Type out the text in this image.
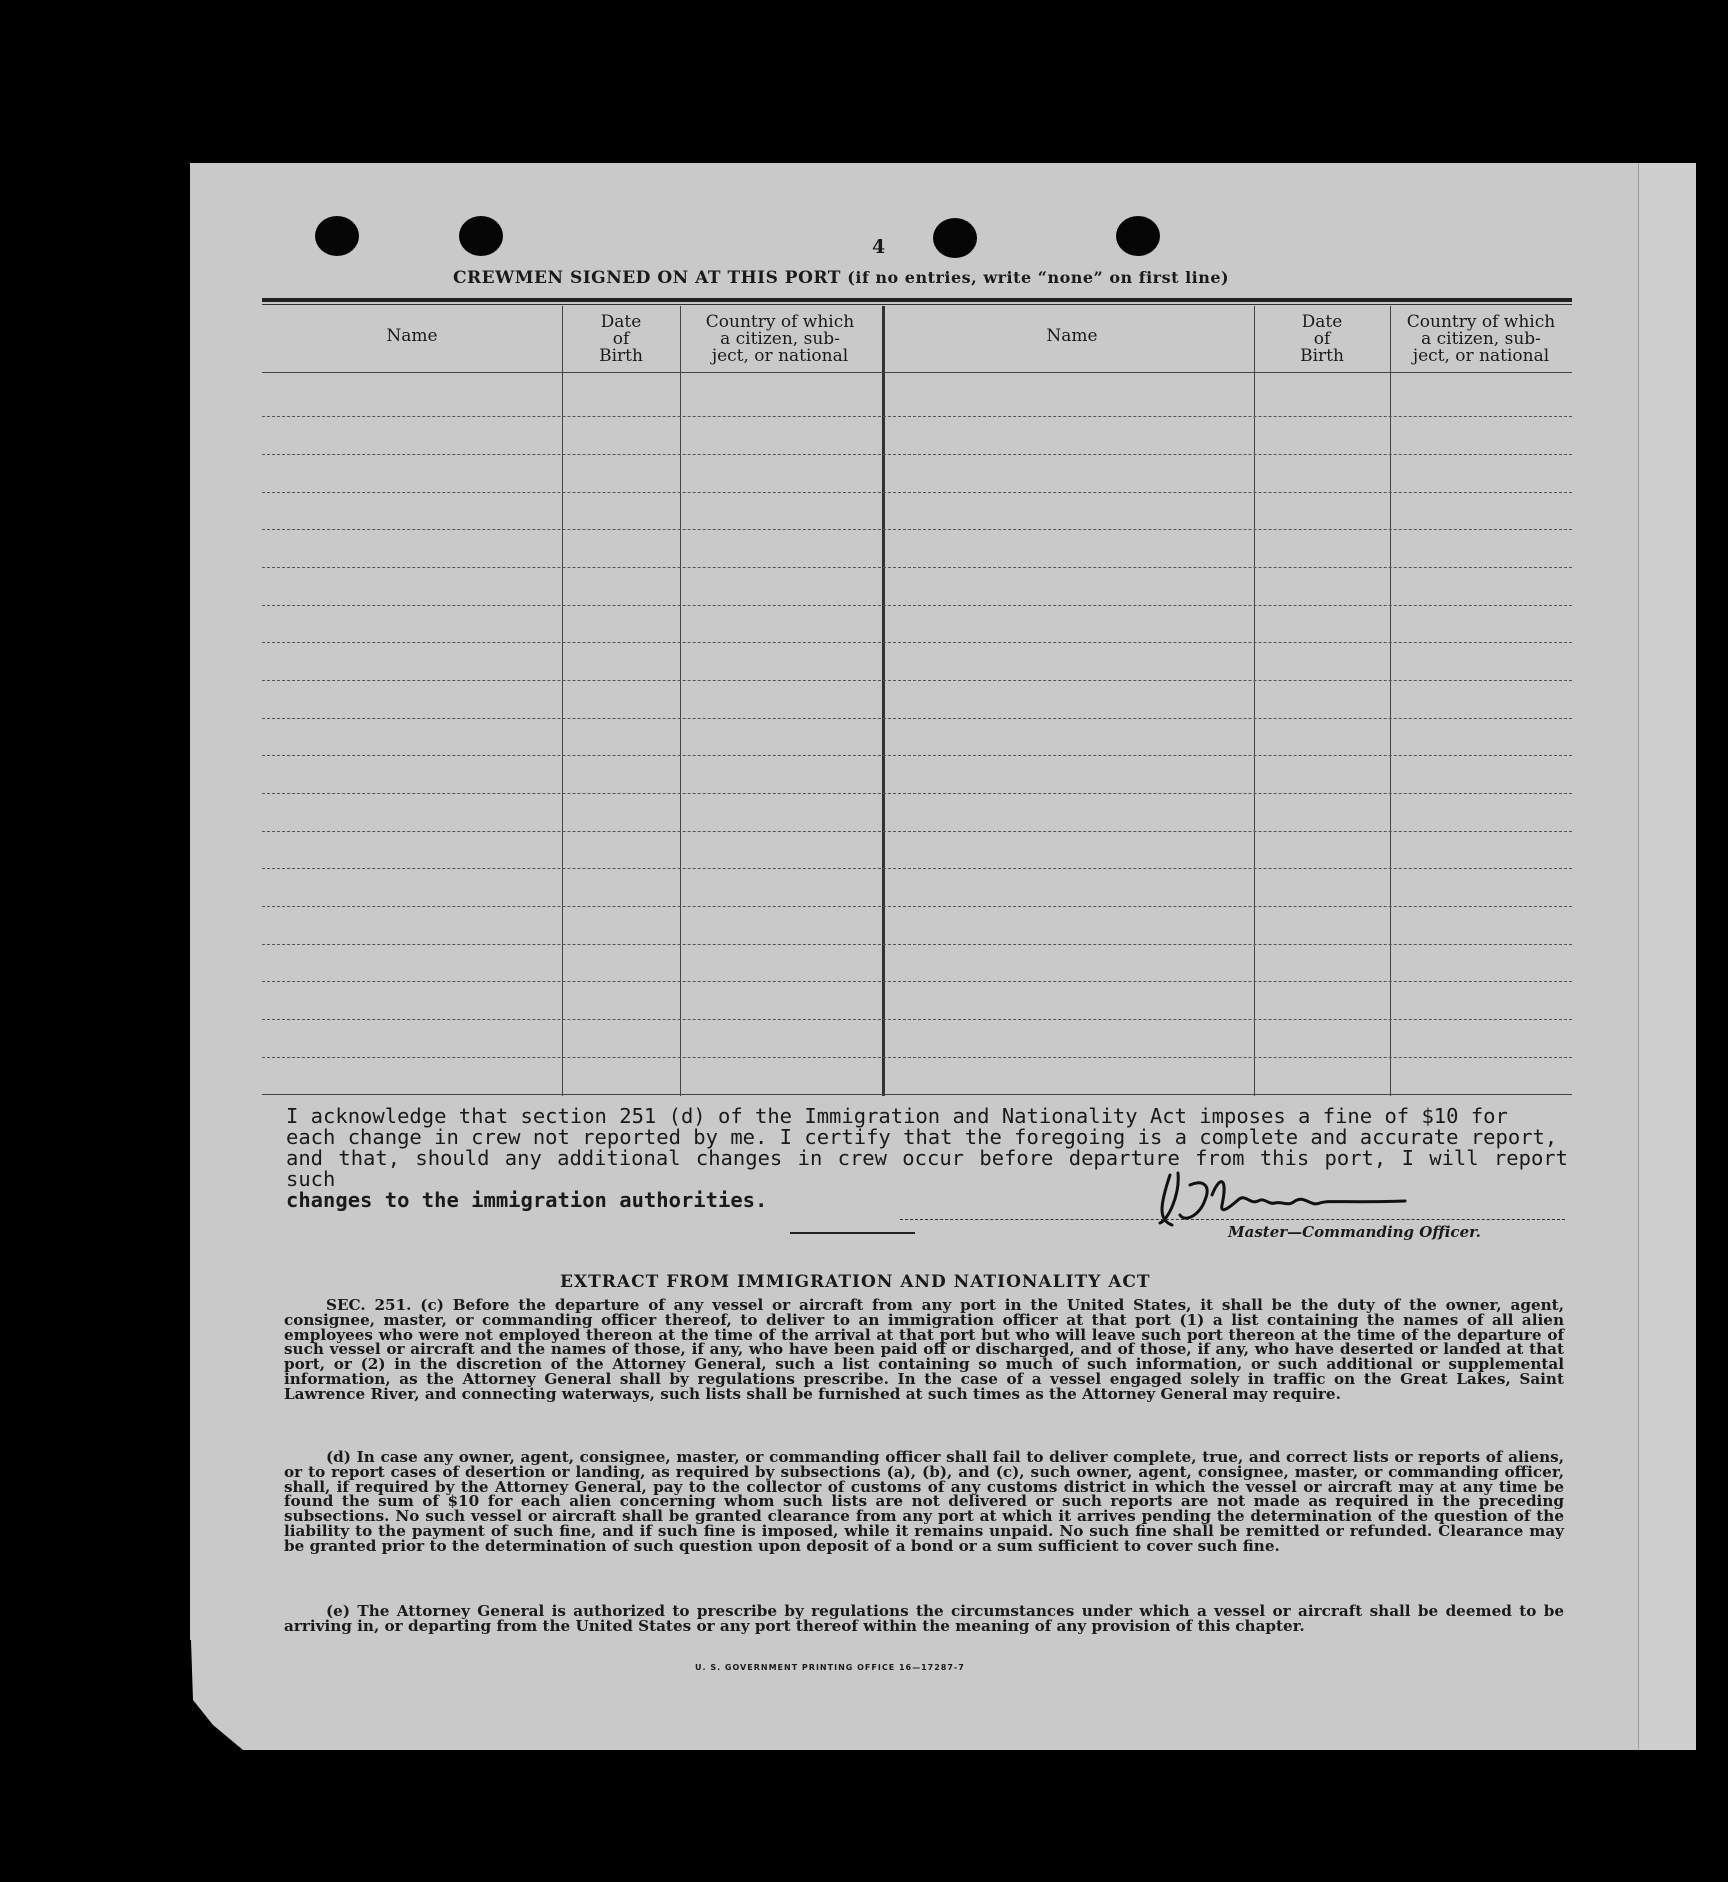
4
CREWMEN SIGNED ON AT THIS PORT (if no entries, write “none” on first line)
Name
Date
of
Birth
Country of which
a citizen, sub-
ject, or national
Name
Date
of
Birth
Country of which
a citizen, sub-
ject, or national
I acknowledge that section 251 (d) of the Immigration and Nationality Act imposes a fine of $10 for
each change in crew not reported by me. I certify that the foregoing is a complete and accurate report,
and that, should any additional changes in crew occur before departure from this port, I will report such
changes to the immigration authorities.
Master—Commanding Officer.
EXTRACT FROM IMMIGRATION AND NATIONALITY ACT
SEC. 251. (c) Before the departure of any vessel or aircraft from any port in the United States, it shall be the duty of the owner, agent, consignee, master, or commanding officer thereof, to deliver to an immigration officer at that port (1) a list containing the names of all alien employees who were not employed thereon at the time of the arrival at that port but who will leave such port thereon at the time of the departure of such vessel or aircraft and the names of those, if any, who have been paid off or discharged, and of those, if any, who have deserted or landed at that port, or (2) in the discretion of the Attorney General, such a list containing so much of such information, or such additional or supplemental information, as the Attorney General shall by regulations prescribe. In the case of a vessel engaged solely in traffic on the Great Lakes, Saint Lawrence River, and connecting waterways, such lists shall be furnished at such times as the Attorney General may require.
(d) In case any owner, agent, consignee, master, or commanding officer shall fail to deliver complete, true, and correct lists or reports of aliens, or to report cases of desertion or landing, as required by subsections (a), (b), and (c), such owner, agent, consignee, master, or commanding officer, shall, if required by the Attorney General, pay to the collector of customs of any customs district in which the vessel or aircraft may at any time be found the sum of $10 for each alien concerning whom such lists are not delivered or such reports are not made as required in the preceding subsections. No such vessel or aircraft shall be granted clearance from any port at which it arrives pending the determination of the question of the liability to the payment of such fine, and if such fine is imposed, while it remains unpaid. No such fine shall be remitted or refunded. Clearance may be granted prior to the determination of such question upon deposit of a bond or a sum sufficient to cover such fine.
(e) The Attorney General is authorized to prescribe by regulations the circumstances under which a vessel or aircraft shall be deemed to be arriving in, or departing from the United States or any port thereof within the meaning of any provision of this chapter.
U. S. GOVERNMENT PRINTING OFFICE 16—17287-7
